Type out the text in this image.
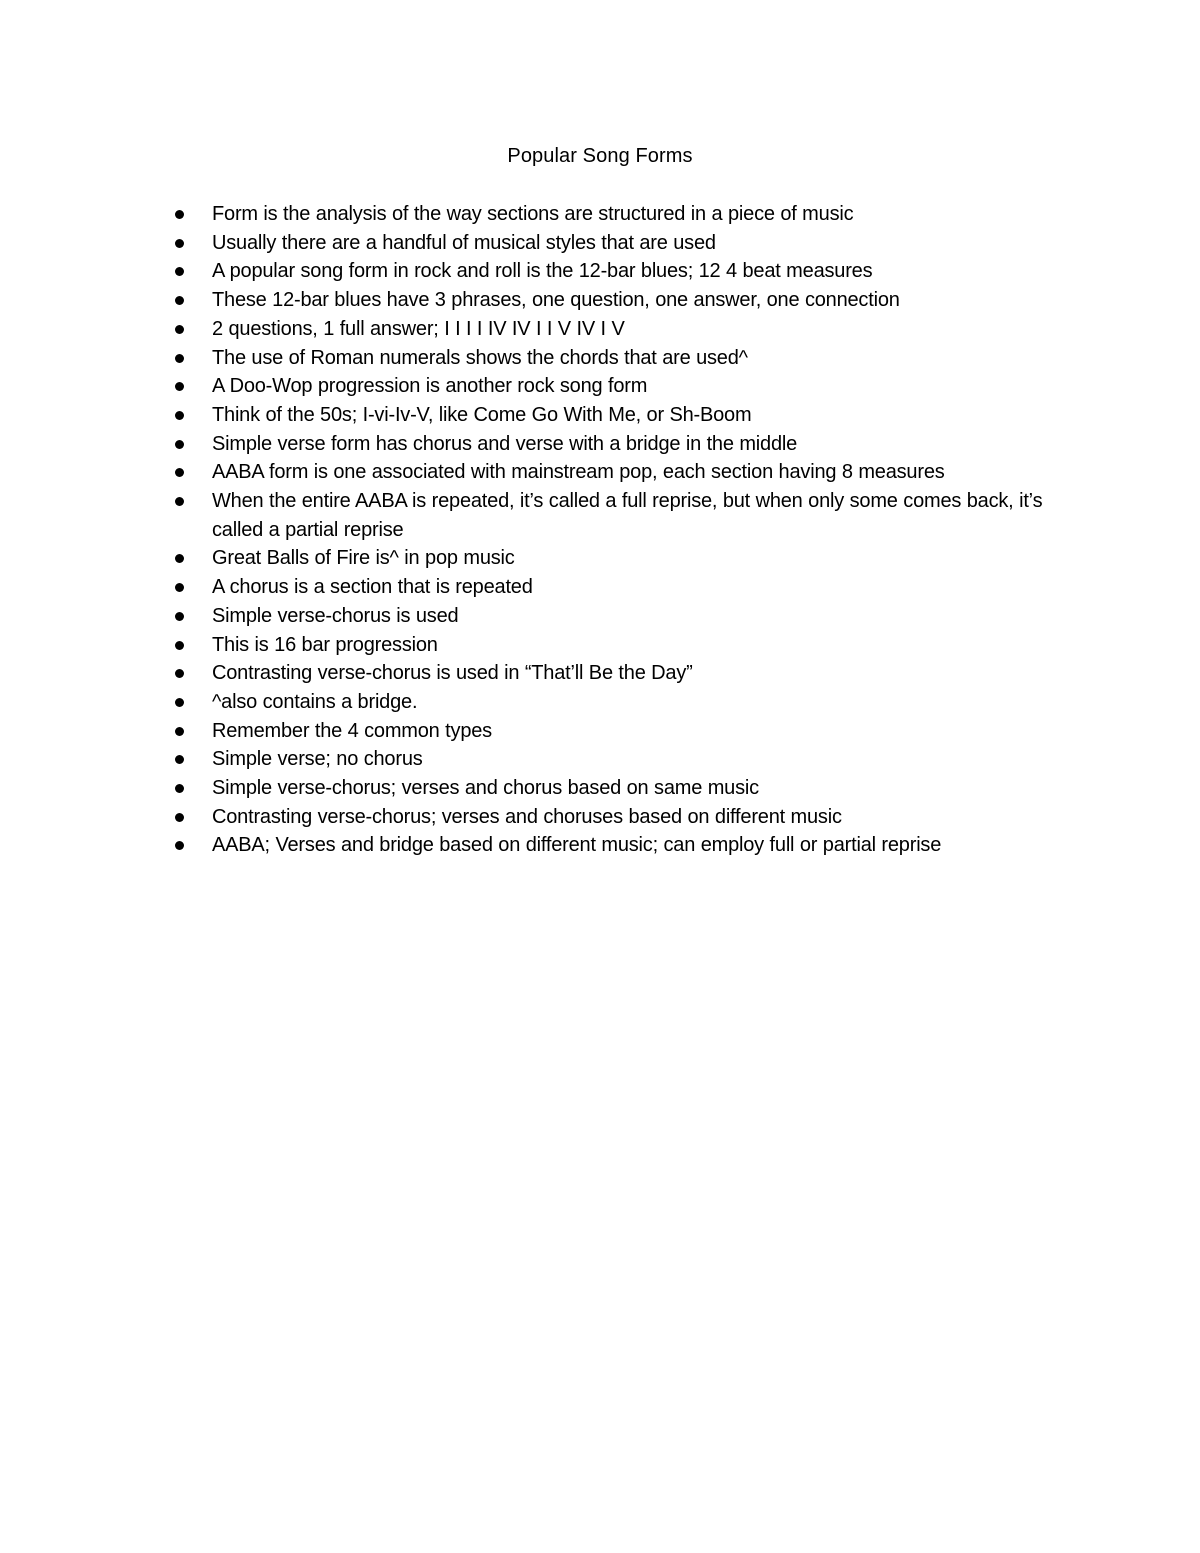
Popular Song Forms
Form is the analysis of the way sections are structured in a piece of music
Usually there are a handful of musical styles that are used
A popular song form in rock and roll is the 12-bar blues; 12 4 beat measures
These 12-bar blues have 3 phrases, one question, one answer, one connection
2 questions, 1 full answer; I I I I IV IV I I V IV I V
The use of Roman numerals shows the chords that are used^
A Doo-Wop progression is another rock song form
Think of the 50s; I-vi-Iv-V, like Come Go With Me, or Sh-Boom
Simple verse form has chorus and verse with a bridge in the middle
AABA form is one associated with mainstream pop, each section having 8 measures
When the entire AABA is repeated, it’s called a full reprise, but when only some comes back, it’s called a partial reprise
Great Balls of Fire is^ in pop music
A chorus is a section that is repeated
Simple verse-chorus is used
This is 16 bar progression
Contrasting verse-chorus is used in “That’ll Be the Day”
^also contains a bridge.
Remember the 4 common types
Simple verse; no chorus
Simple verse-chorus; verses and chorus based on same music
Contrasting verse-chorus; verses and choruses based on different music
AABA; Verses and bridge based on different music; can employ full or partial reprise
